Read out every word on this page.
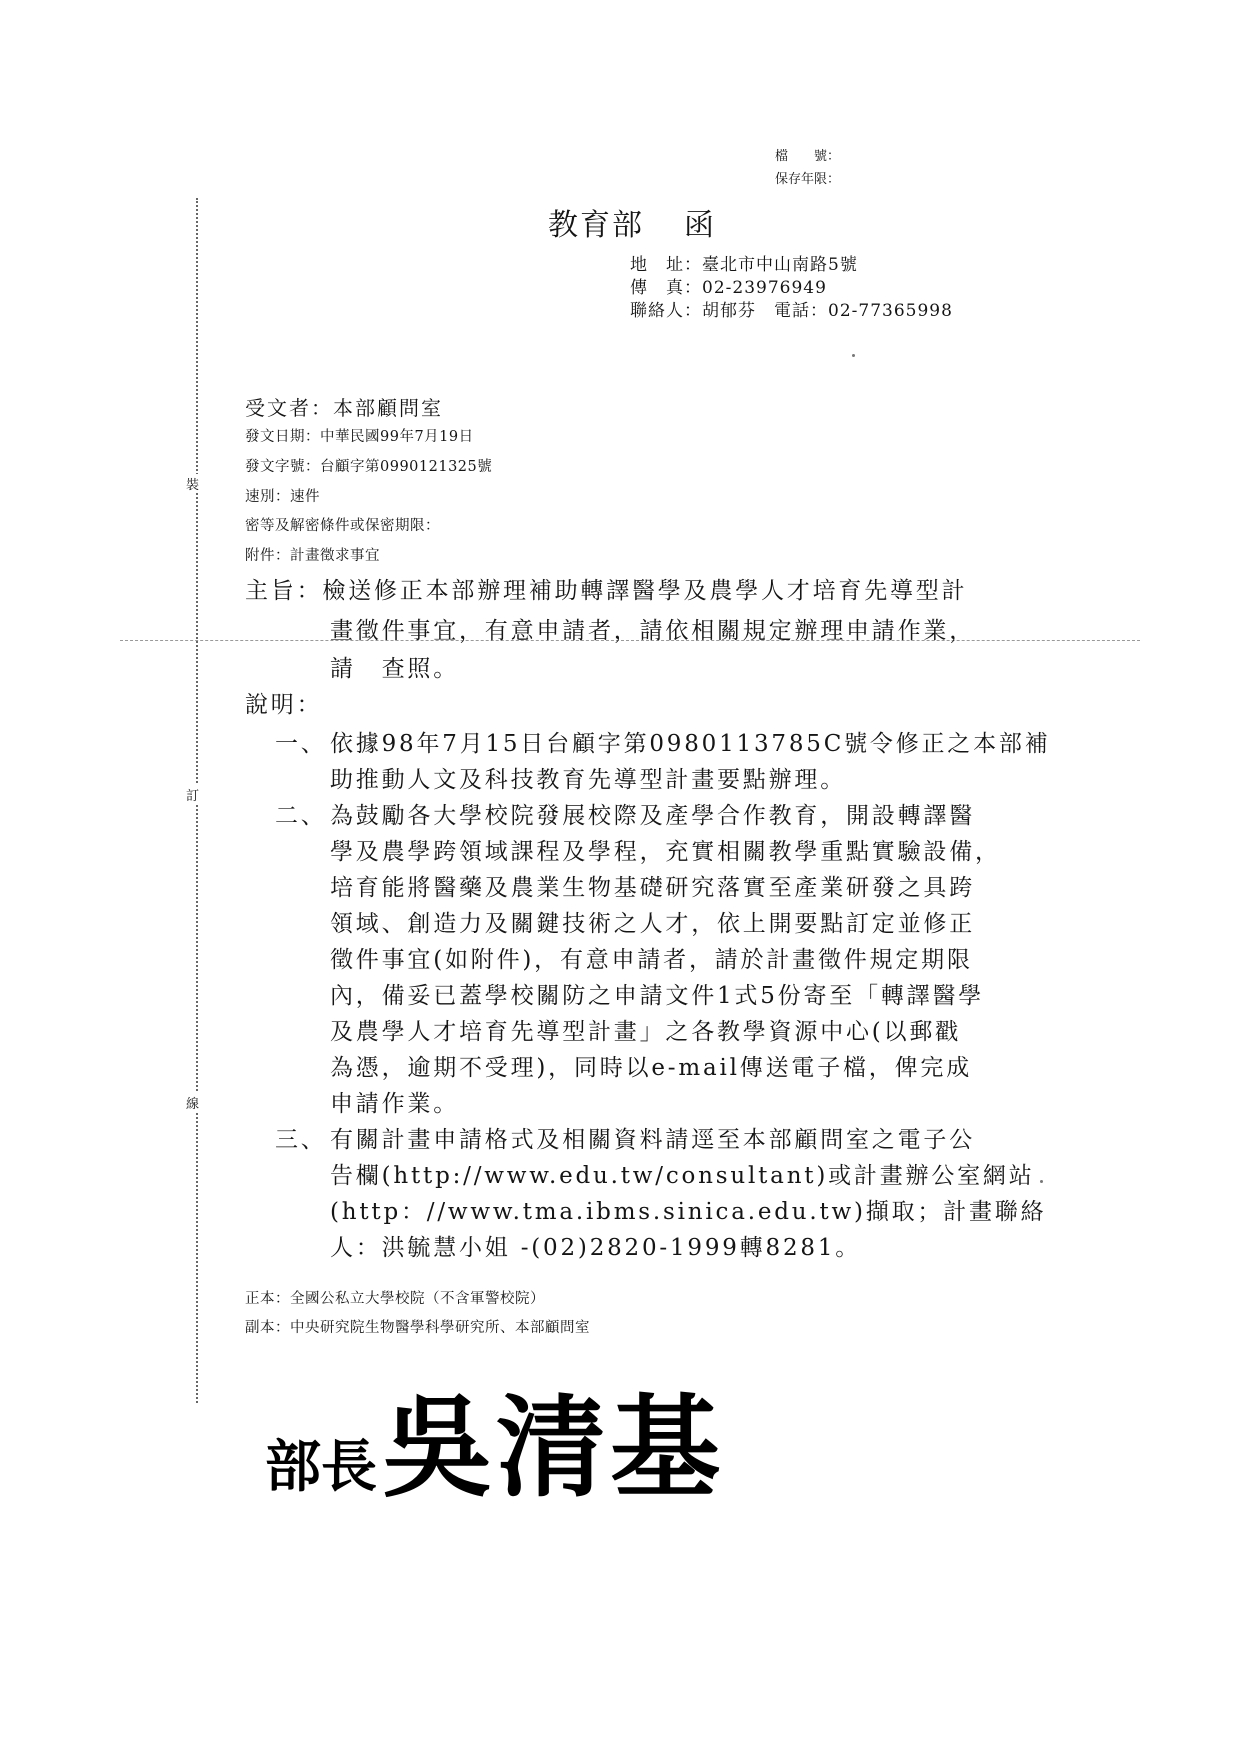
檔　　號：
保存年限：
教育部 函
地　址：臺北市中山南路5號
傳　真：02-23976949
聯絡人：胡郁芬　電話：02-77365998
裝
訂
線
受文者：本部顧問室
發文日期：中華民國99年7月19日
發文字號：台顧字第0990121325號
速別：速件
密等及解密條件或保密期限：
附件：計畫徵求事宜
主旨：檢送修正本部辦理補助轉譯醫學及農學人才培育先導型計
畫徵件事宜，有意申請者，請依相關規定辦理申請作業，
請　查照。
說明：
一、 依據98年7月15日台顧字第0980113785C號令修正之本部補
助推動人文及科技教育先導型計畫要點辦理。
二、 為鼓勵各大學校院發展校際及產學合作教育，開設轉譯醫
學及農學跨領域課程及學程，充實相關教學重點實驗設備，
培育能將醫藥及農業生物基礎研究落實至產業研發之具跨
領域、創造力及關鍵技術之人才，依上開要點訂定並修正
徵件事宜(如附件)，有意申請者，請於計畫徵件規定期限
內，備妥已蓋學校關防之申請文件1式5份寄至「轉譯醫學
及農學人才培育先導型計畫」之各教學資源中心(以郵戳
為憑，逾期不受理)，同時以e-mail傳送電子檔，俾完成
申請作業。
三、 有關計畫申請格式及相關資料請逕至本部顧問室之電子公
告欄(http://www.edu.tw/consultant)或計畫辦公室網站
(http：//www.tma.ibms.sinica.edu.tw)擷取；計畫聯絡
人：洪毓慧小姐 -(02)2820-1999轉8281。
正本：全國公私立大學校院（不含軍警校院）
副本：中央研究院生物醫學科學研究所、本部顧問室
部長 吳清基
